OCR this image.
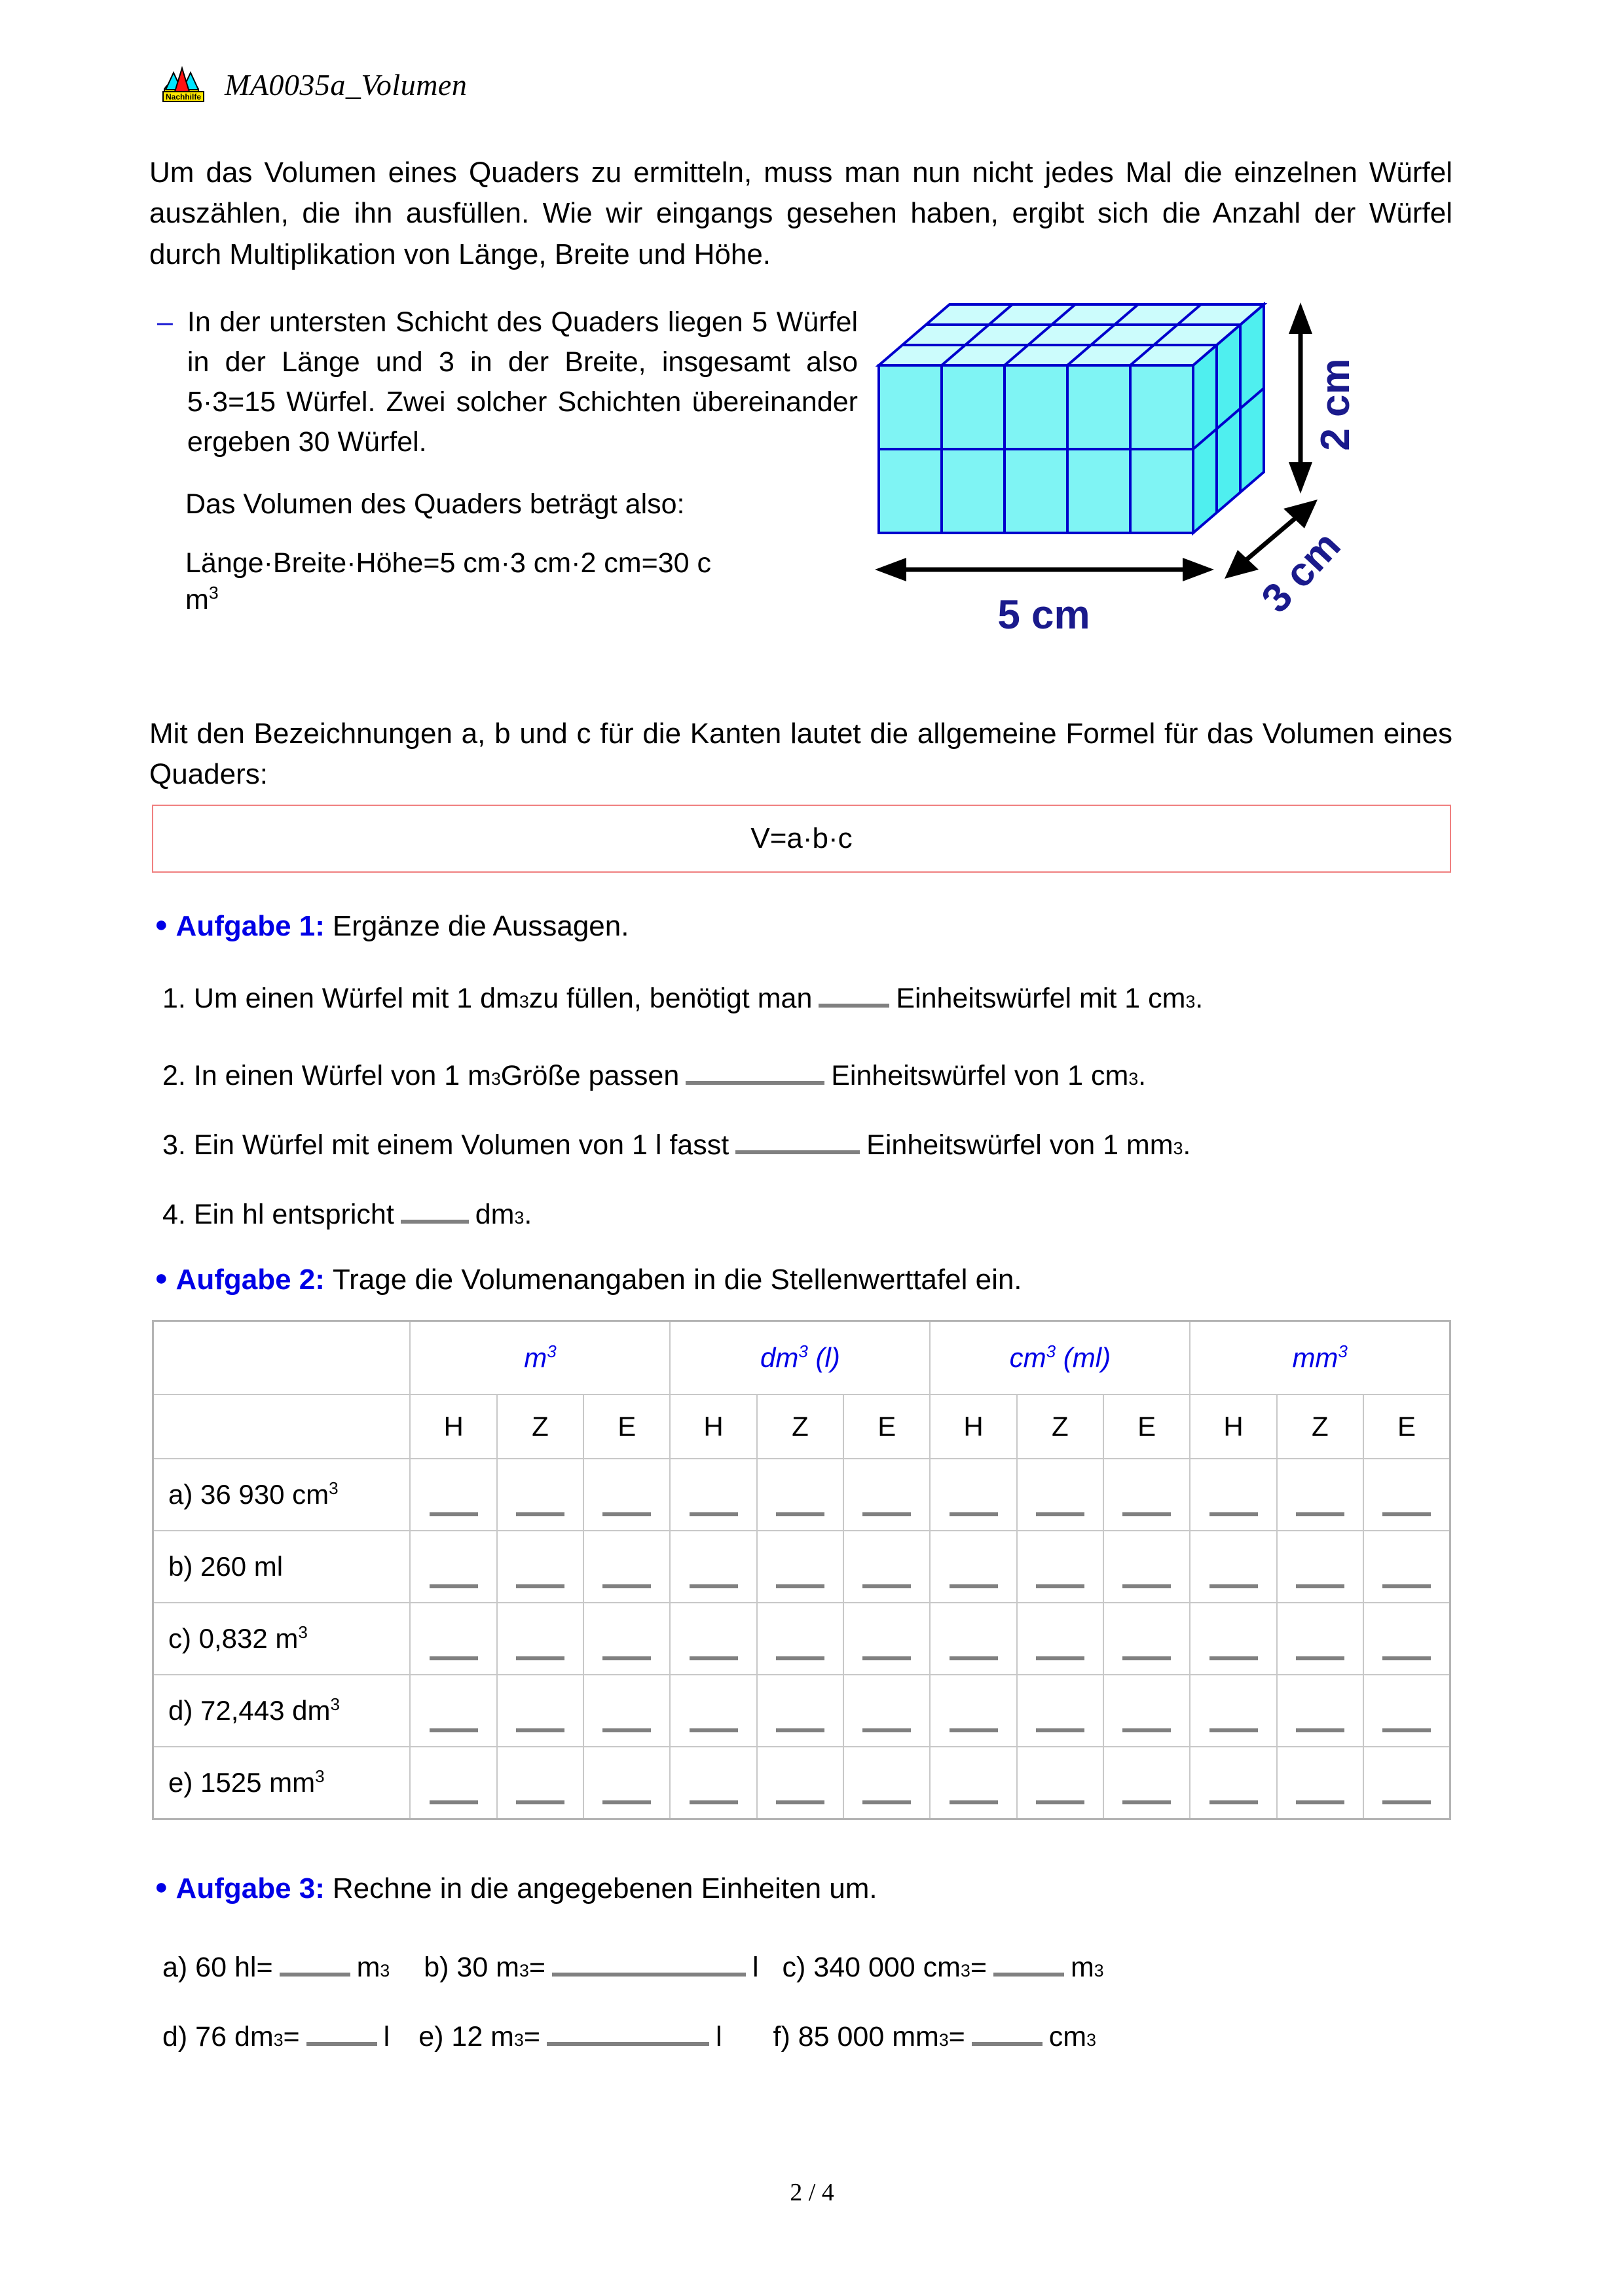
Nachhilfe MA0035a_Volumen
Um das Volumen eines Quaders zu ermitteln, muss man nun nicht jedes Mal die einzelnen Würfel auszählen, die ihn ausfüllen. Wie wir eingangs gesehen haben, ergibt sich die Anzahl der Würfel durch Multiplikation von Länge, Breite und Höhe.
– In der untersten Schicht des Quaders liegen 5 Würfel in der Länge und 3 in der Breite, insgesamt also 5·3=15 Würfel. Zwei solcher Schichten übereinander ergeben 30 Würfel.
Das Volumen des Quaders beträgt also:
Länge·Breite·Höhe=5 cm·3 cm·2 cm=30 c
$m^3$
2 cm
3 cm
5 cm
Mit den Bezeichnungen a, b und c für die Kanten lautet die allgemeine Formel für das Volumen eines Quaders:
V=a·b·c
● Aufgabe 1: Ergänze die Aussagen.
1.
Um einen Würfel mit 1 dm 3 zu füllen, benötigt man	Einheitswürfel mit 1 cm 3 .
2.
In einen Würfel von 1 m 3 Größe passen	Einheitswürfel von 1 cm 3 .
3.
Ein Würfel mit einem Volumen von 1 l fasst	Einheitswürfel von 1 mm 3 .
4.
Ein hl entspricht	dm 3 .
● Aufgabe 2: Trage die Volumenangaben in die Stellenwerttafel ein.
	$m^3$			$dm^3$ (l)			$cm^3$ (ml)			$mm^3$
	H	Z	E	H	Z	E	H	Z	E	H	Z	E
a) 36 930 $cm^3$	

b) 260 ml	

c) 0,832 $m^3$	

d) 72,443 $dm^3$	

e) 1525 $mm^3$	

● Aufgabe 3: Rechne in die angegebenen Einheiten um.
a) 60 hl =	m 3 b) 30 m 3 =	l c) 340 000 cm 3 =	m 3
d) 76 dm 3 =	l e) 12 m 3 =	l f) 85 000 mm 3 =	cm 3
2 / 4
